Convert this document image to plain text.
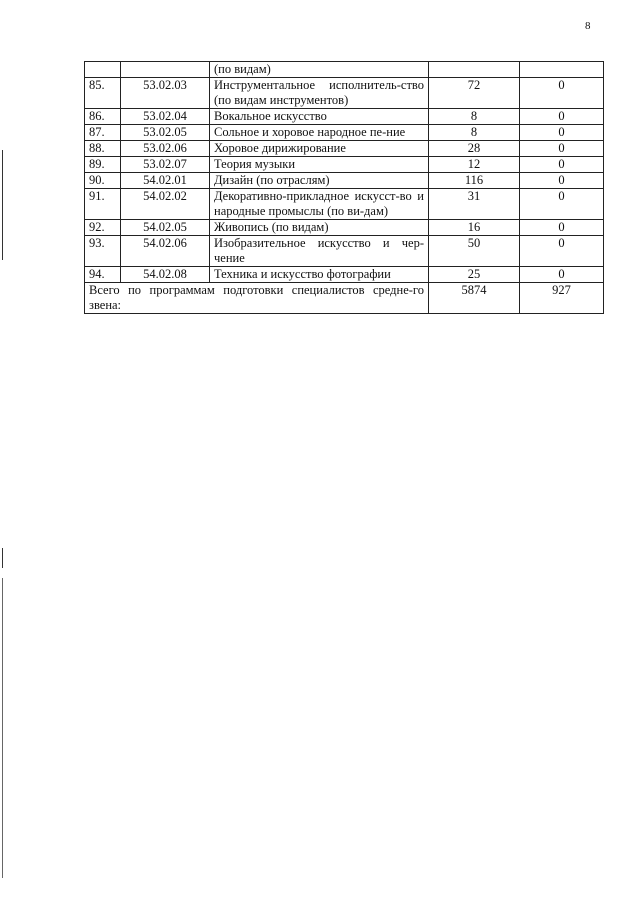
8
		(по видам)		
85.	53.02.03	Инструментальное исполнитель-ство (по видам инструментов)	72	0
86.	53.02.04	Вокальное искусство	8	0
87.	53.02.05	Сольное и хоровое народное пе-ние	8	0
88.	53.02.06	Хоровое дирижирование	28	0
89.	53.02.07	Теория музыки	12	0
90.	54.02.01	Дизайн (по отраслям)	116	0
91.	54.02.02	Декоративно-прикладное искусст-во и народные промыслы (по ви-дам)	31	0
92.	54.02.05	Живопись (по видам)	16	0
93.	54.02.06	Изобразительное искусство и чер-чение	50	0
94.	54.02.08	Техника и искусство фотографии	25	0
Всего по программам подготовки специалистов средне-го звена:			5874	927
